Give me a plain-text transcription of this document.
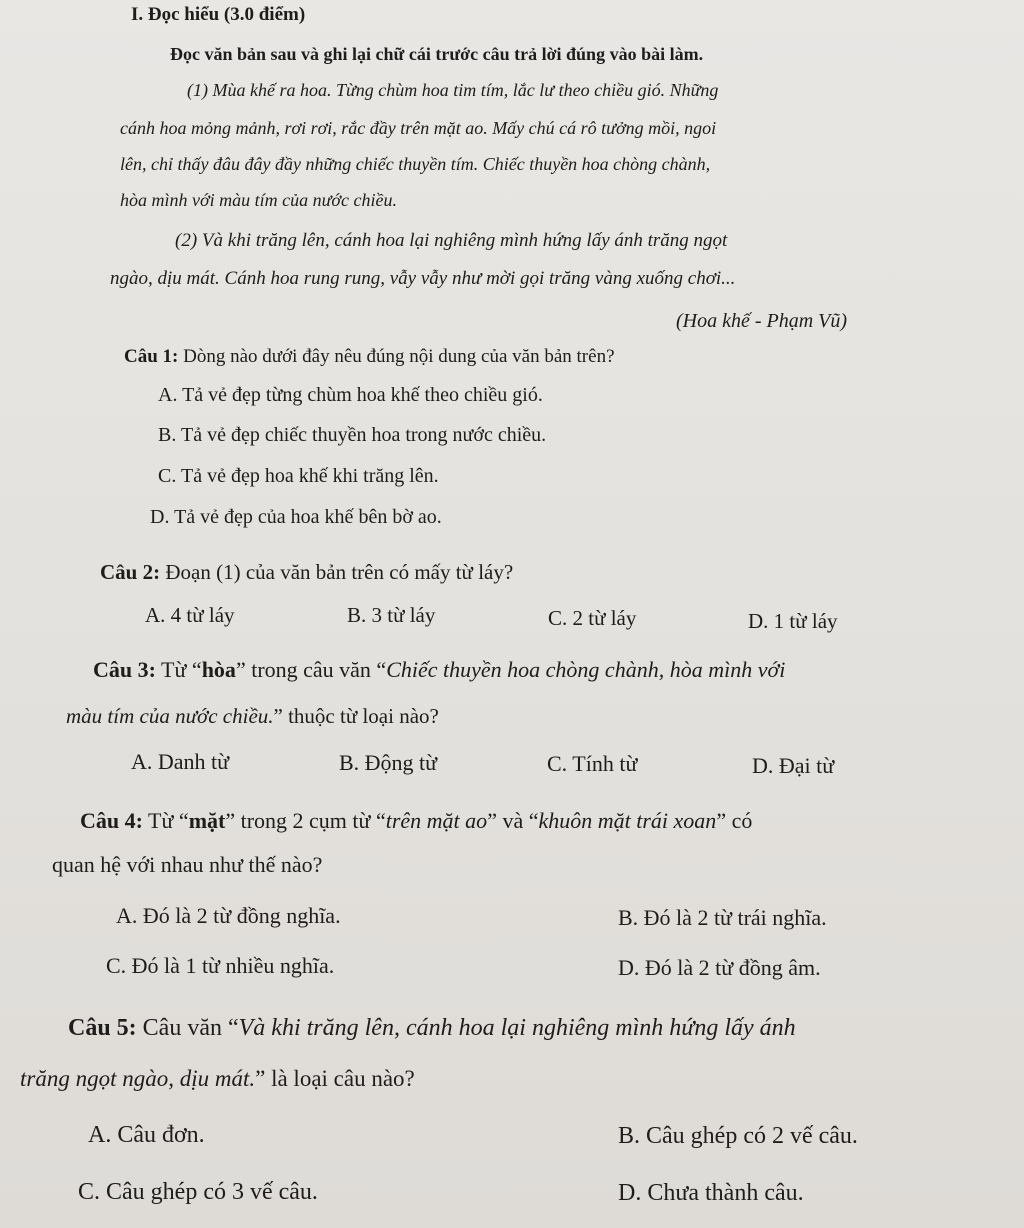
I. Đọc hiểu (3.0 điểm)
Đọc văn bản sau và ghi lại chữ cái trước câu trả lời đúng vào bài làm.
(1) Mùa khế ra hoa. Từng chùm hoa tim tím, lắc lư theo chiều gió. Những
cánh hoa mỏng mảnh, rơi rơi, rắc đầy trên mặt ao. Mấy chú cá rô tưởng mồi, ngoi
lên, chỉ thấy đâu đây đầy những chiếc thuyền tím. Chiếc thuyền hoa chòng chành,
hòa mình với màu tím của nước chiều.
(2) Và khi trăng lên, cánh hoa lại nghiêng mình hứng lấy ánh trăng ngọt
ngào, dịu mát. Cánh hoa rung rung, vẫy vẫy như mời gọi trăng vàng xuống chơi...
(Hoa khế - Phạm Vũ)
Câu 1: Dòng nào dưới đây nêu đúng nội dung của văn bản trên?
A. Tả vẻ đẹp từng chùm hoa khế theo chiều gió.
B. Tả vẻ đẹp chiếc thuyền hoa trong nước chiều.
C. Tả vẻ đẹp hoa khế khi trăng lên.
D. Tả vẻ đẹp của hoa khế bên bờ ao.
Câu 2: Đoạn (1) của văn bản trên có mấy từ láy?
A. 4 từ láy	B. 3 từ láy	C. 2 từ láy	D. 1 từ láy
Câu 3: Từ “hòa” trong câu văn “Chiếc thuyền hoa chòng chành, hòa mình với
màu tím của nước chiều.” thuộc từ loại nào?
A. Danh từ	B. Động từ	C. Tính từ	D. Đại từ
Câu 4: Từ “mặt” trong 2 cụm từ “trên mặt ao” và “khuôn mặt trái xoan” có
quan hệ với nhau như thế nào?
A. Đó là 2 từ đồng nghĩa.	B. Đó là 2 từ trái nghĩa.
C. Đó là 1 từ nhiều nghĩa.	D. Đó là 2 từ đồng âm.
Câu 5: Câu văn “Và khi trăng lên, cánh hoa lại nghiêng mình hứng lấy ánh
trăng ngọt ngào, dịu mát.” là loại câu nào?
A. Câu đơn.	B. Câu ghép có 2 vế câu.
C. Câu ghép có 3 vế câu.	D. Chưa thành câu.
